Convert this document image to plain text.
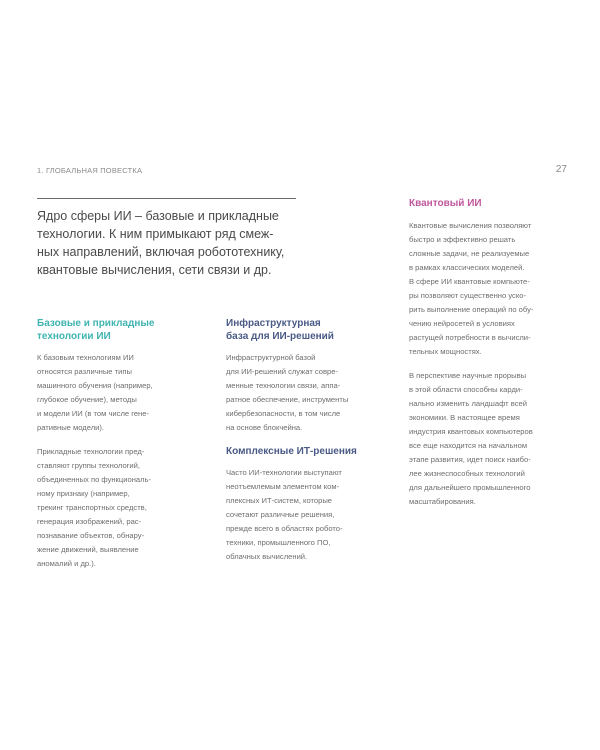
1. ГЛОБАЛЬНАЯ ПОВЕСТКА	27

Ядро сферы ИИ – базовые и прикладные

технологии. К ним примыкают ряд смеж-

ных направлений, включая робототехнику,

квантовые вычисления, сети связи и др.

Базовые и прикладные
технологии ИИ
К базовым технологиям ИИ
относятся различные типы
машинного обучения (например,
глубокое обучение), методы
и модели ИИ (в том числе гене-
ративные модели).
Прикладные технологии пред-
ставляют группы технологий,
объединенных по функциональ-
ному признаку (например,
трекинг транспортных средств,
генерация изображений, рас-
познавание объектов, обнару-
жение движений, выявление
аномалий и др.).
Инфраструктурная
база для ИИ-решений
Инфраструктурной базой
для ИИ-решений служат совре-
менные технологии связи, аппа-
ратное обеспечение, инструменты
кибербезопасности, в том числе
на основе блокчейна.
Комплексные ИТ-решения
Часто ИИ-технологии выступают
неотъемлемым элементом ком-
плексных ИТ-систем, которые
сочетают различные решения,
прежде всего в областях робото-
техники, промышленного ПО,
облачных вычислений.
Квантовый ИИ
Квантовые вычисления позволяют
быстро и эффективно решать
сложные задачи, не реализуемые
в рамках классических моделей.
В сфере ИИ квантовые компьюте-
ры позволяют существенно уско-
рить выполнение операций по обу-
чению нейросетей в условиях
растущей потребности в вычисли-
тельных мощностях.
В перспективе научные прорывы
в этой области способны карди-
нально изменить ландшафт всей
экономики. В настоящее время
индустрия квантовых компьютеров
все еще находится на начальном
этапе развития, идет поиск наибо-
лее жизнеспособных технологий
для дальнейшего промышленного
масштабирования.
